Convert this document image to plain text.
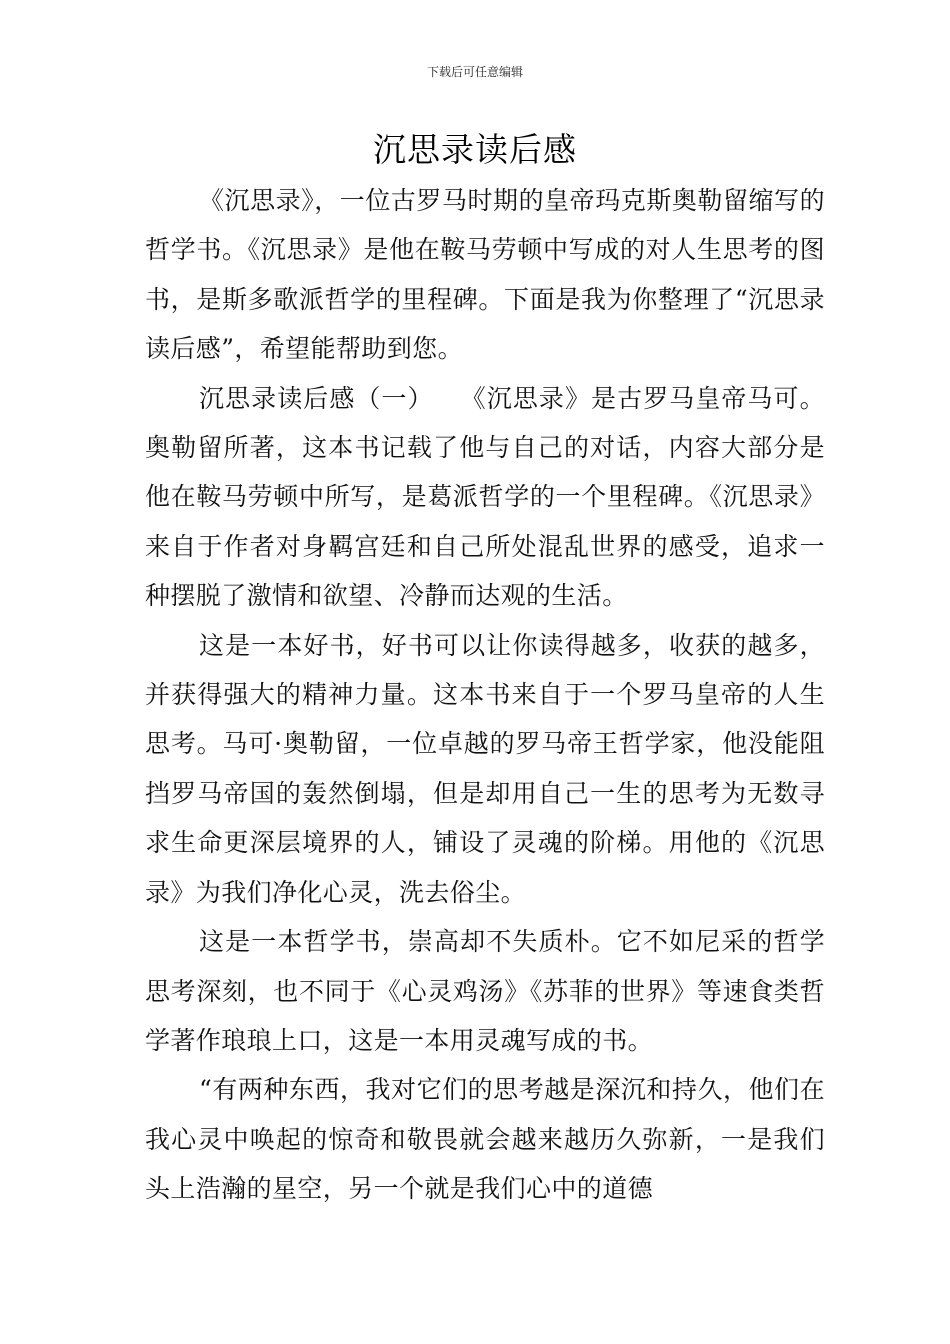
下载后可任意编辑
沉思录读后感

《沉思录》，一位古罗马时期的皇帝玛克斯奥勒留缩写的哲学书。《沉思录》是他在鞍马劳顿中写成的对人生思考的图书，是斯多歌派哲学的里程碑。下面是我为你整理了“沉思录读后感”，希望能帮助到您。

沉思录读后感（一）　　《沉思录》是古罗马皇帝马可。奥勒留所著，这本书记载了他与自己的对话，内容大部分是他在鞍马劳顿中所写，是葛派哲学的一个里程碑。《沉思录》来自于作者对身羁宫廷和自己所处混乱世界的感受，追求一种摆脱了激情和欲望、冷静而达观的生活。

这是一本好书，好书可以让你读得越多，收获的越多，并获得强大的精神力量。这本书来自于一个罗马皇帝的人生思考。马可·奥勒留，一位卓越的罗马帝王哲学家，他没能阻挡罗马帝国的轰然倒塌，但是却用自己一生的思考为无数寻求生命更深层境界的人，铺设了灵魂的阶梯。用他的《沉思录》为我们净化心灵，洗去俗尘。

这是一本哲学书，崇高却不失质朴。它不如尼采的哲学思考深刻，也不同于《心灵鸡汤》《苏菲的世界》等速食类哲学著作琅琅上口，这是一本用灵魂写成的书。

“有两种东西，我对它们的思考越是深沉和持久，他们在我心灵中唤起的惊奇和敬畏就会越来越历久弥新，一是我们头上浩瀚的星空，另一个就是我们心中的道德
